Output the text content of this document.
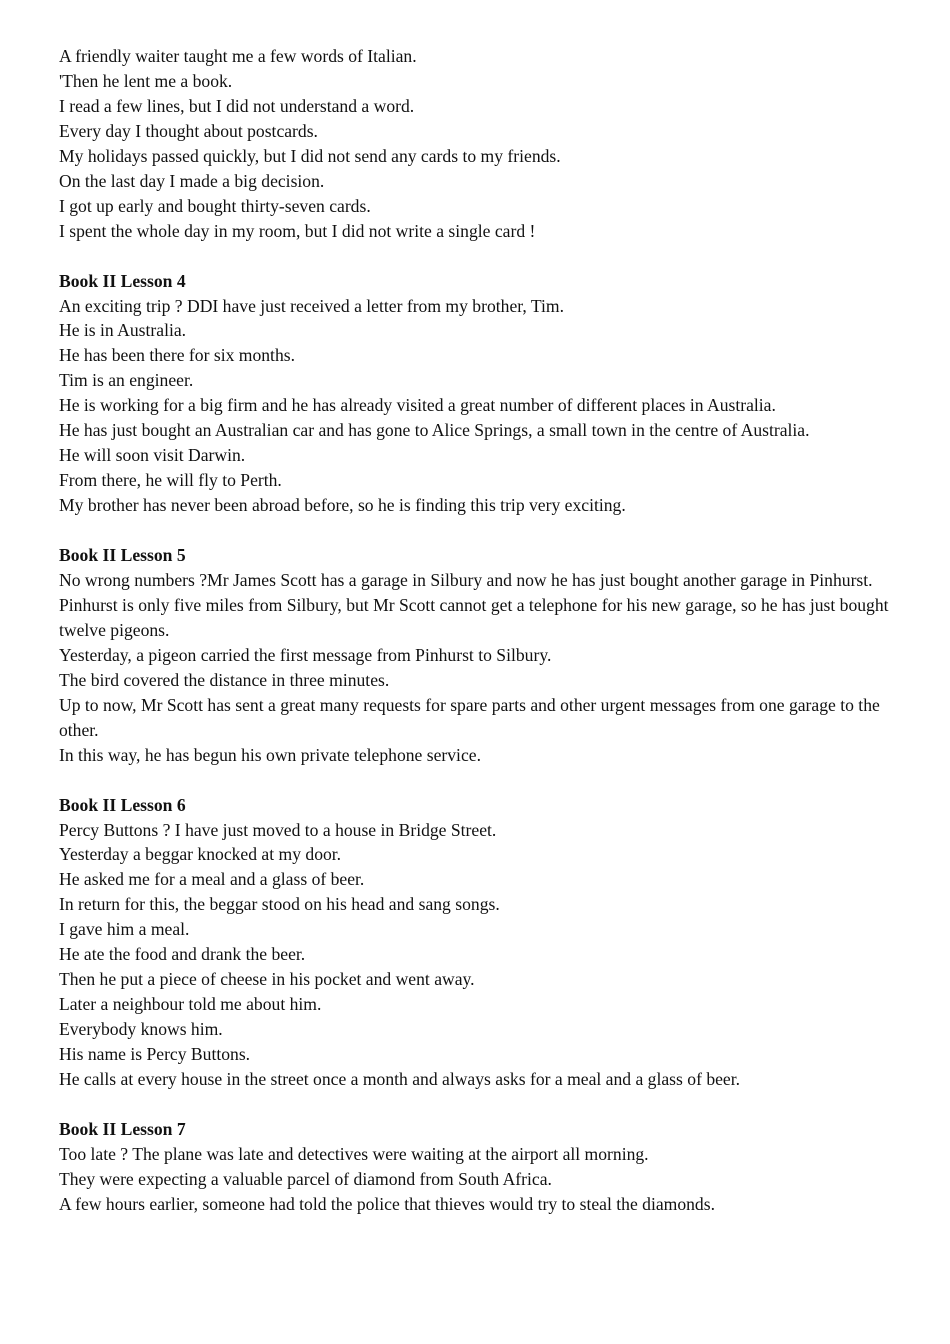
A friendly waiter taught me a few words of Italian.
'Then he lent me a book.
I read a few lines, but I did not understand a word.
Every day I thought about postcards.
My holidays passed quickly, but I did not send any cards to my friends.
On the last day I made a big decision.
I got up early and bought thirty-seven cards.
I spent the whole day in my room, but I did not write a single card !
Book II Lesson 4
An exciting trip ? DDI have just received a letter from my brother, Tim.
He is in Australia.
He has been there for six months.
Tim is an engineer.
He is working for a big firm and he has already visited a great number of different places in Australia.
He has just bought an Australian car and has gone to Alice Springs, a small town in the centre of Australia.
He will soon visit Darwin.
From there, he will fly to Perth.
My brother has never been abroad before, so he is finding this trip very exciting.
Book II Lesson 5
No wrong numbers ?Mr James Scott has a garage in Silbury and now he has just bought another garage in Pinhurst.
Pinhurst is only five miles from Silbury, but Mr Scott cannot get a telephone for his new garage, so he has just bought twelve pigeons.
Yesterday, a pigeon carried the first message from Pinhurst to Silbury.
The bird covered the distance in three minutes.
Up to now, Mr Scott has sent a great many requests for spare parts and other urgent messages from one garage to the other.
In this way, he has begun his own private telephone service.
Book II Lesson 6
Percy Buttons ? I have just moved to a house in Bridge Street.
Yesterday a beggar knocked at my door.
He asked me for a meal and a glass of beer.
In return for this, the beggar stood on his head and sang songs.
I gave him a meal.
He ate the food and drank the beer.
Then he put a piece of cheese in his pocket and went away.
Later a neighbour told me about him.
Everybody knows him.
His name is Percy Buttons.
He calls at every house in the street once a month and always asks for a meal and a glass of beer.
Book II Lesson 7
Too late ? The plane was late and detectives were waiting at the airport all morning.
They were expecting a valuable parcel of diamond from South Africa.
A few hours earlier, someone had told the police that thieves would try to steal the diamonds.
